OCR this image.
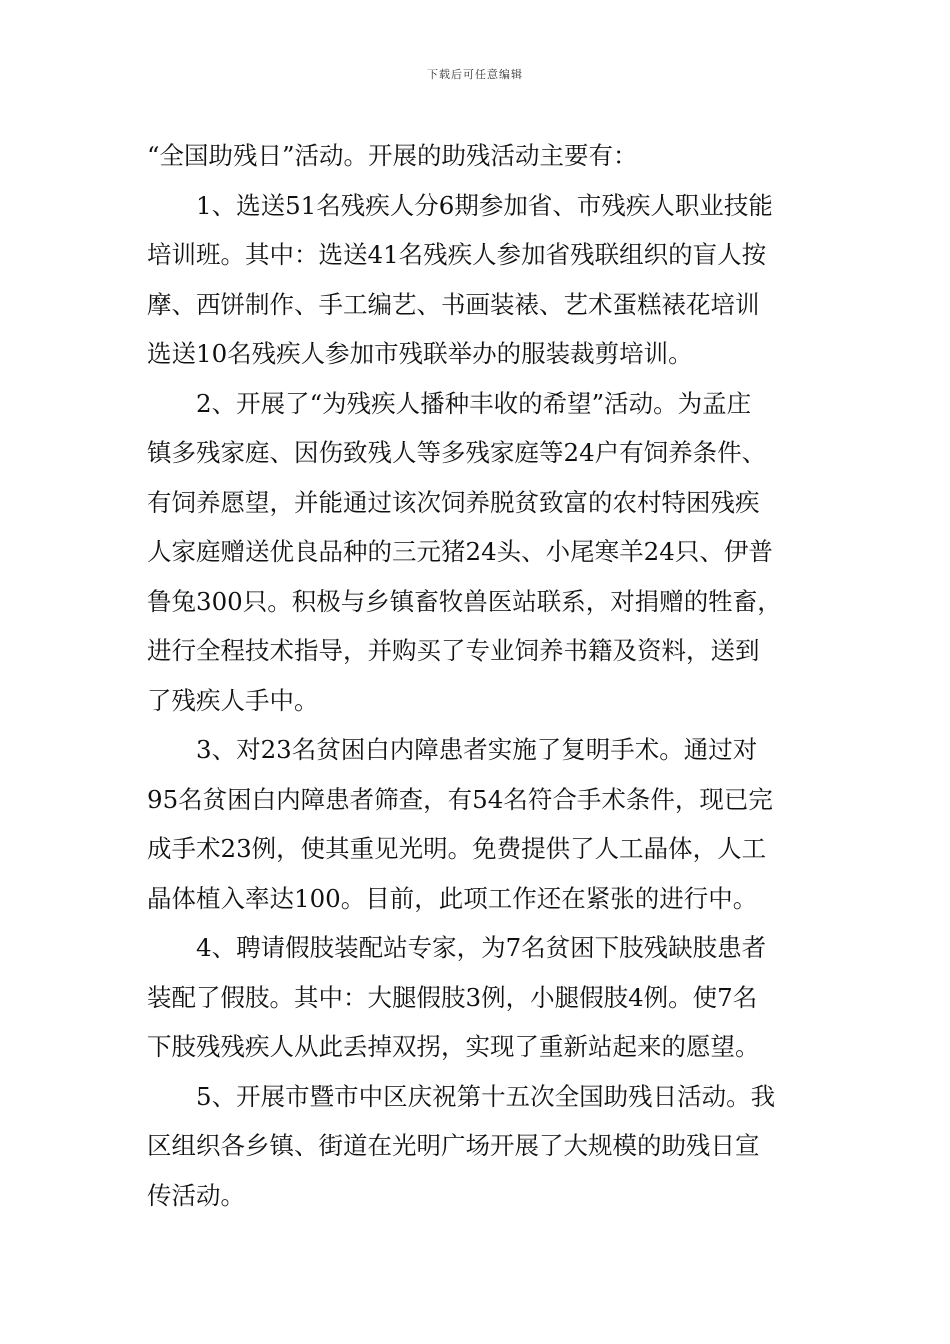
下载后可任意编辑
“全国助残日”活动。开展的助残活动主要有：
1、选送51名残疾人分6期参加省、市残疾人职业技能
培训班。其中：选送41名残疾人参加省残联组织的盲人按
摩、西饼制作、手工编艺、书画装裱、艺术蛋糕裱花培训
选送10名残疾人参加市残联举办的服装裁剪培训。
2、开展了“为残疾人播种丰收的希望”活动。为孟庄
镇多残家庭、因伤致残人等多残家庭等24户有饲养条件、
有饲养愿望，并能通过该次饲养脱贫致富的农村特困残疾
人家庭赠送优良品种的三元猪24头、小尾寒羊24只、伊普
鲁兔300只。积极与乡镇畜牧兽医站联系，对捐赠的牲畜，
进行全程技术指导，并购买了专业饲养书籍及资料，送到
了残疾人手中。
3、对23名贫困白内障患者实施了复明手术。通过对
95名贫困白内障患者筛查，有54名符合手术条件，现已完
成手术23例，使其重见光明。免费提供了人工晶体，人工
晶体植入率达100。目前，此项工作还在紧张的进行中。
4、聘请假肢装配站专家，为7名贫困下肢残缺肢患者
装配了假肢。其中：大腿假肢3例，小腿假肢4例。使7名
下肢残残疾人从此丢掉双拐，实现了重新站起来的愿望。
5、开展市暨市中区庆祝第十五次全国助残日活动。我
区组织各乡镇、街道在光明广场开展了大规模的助残日宣
传活动。
